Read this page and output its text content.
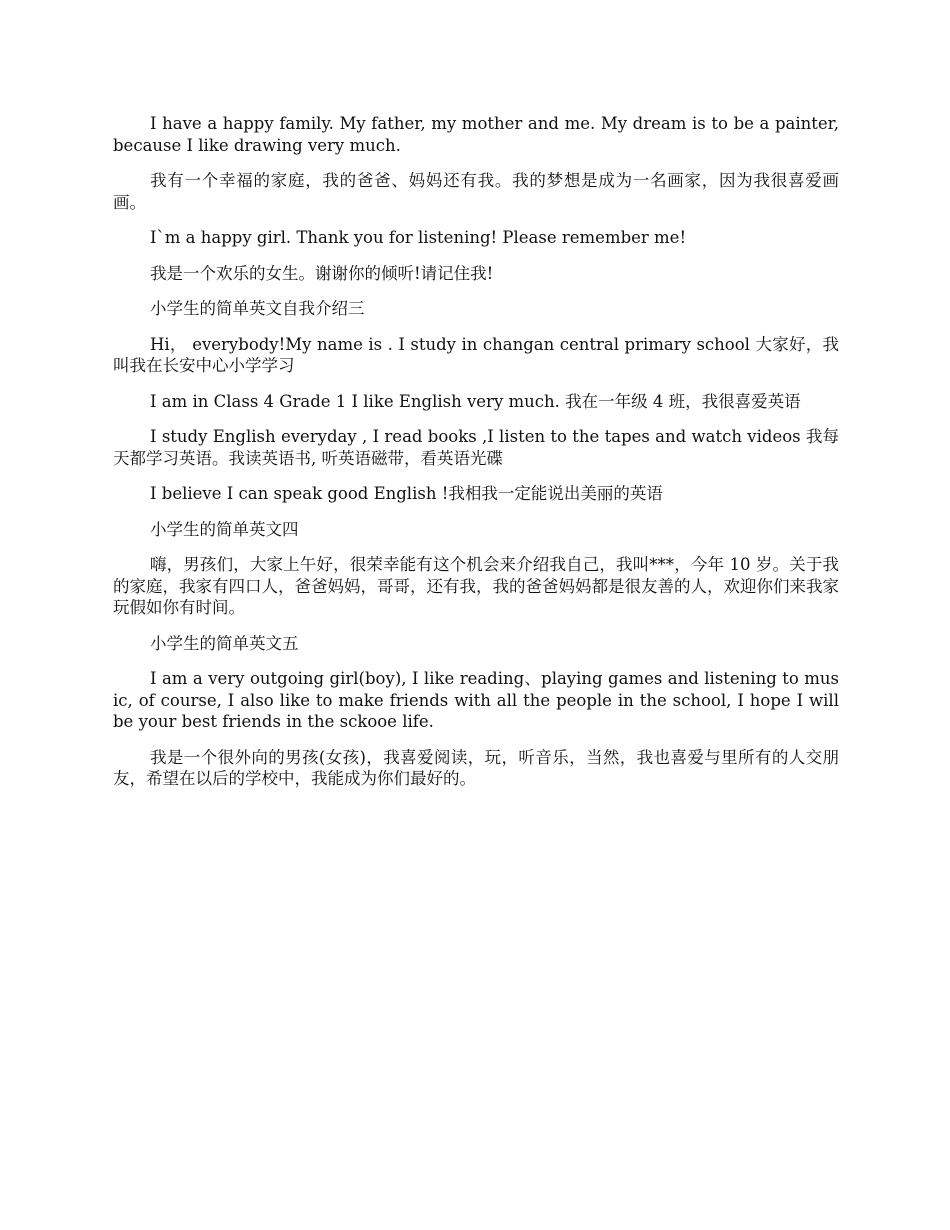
I have a happy family. My father, my mother and me. My dream is to be a painter, because I like drawing very much.

我有一个幸福的家庭，我的爸爸、妈妈还有我。我的梦想是成为一名画家，因为我很喜爱画画。

I`m a happy girl. Thank you for listening! Please remember me!

我是一个欢乐的女生。谢谢你的倾听!请记住我!

小学生的简单英文自我介绍三

Hi， everybody!My name is . I study in changan central primary school 大家好，我叫我在长安中心小学学习

I am in Class 4 Grade 1 I like English very much. 我在一年级 4 班，我很喜爱英语

I study English everyday , I read books ,I listen to the tapes and watch videos 我每天都学习英语。我读英语书, 听英语磁带，看英语光碟

I believe I can speak good English !我相我一定能说出美丽的英语

小学生的简单英文四

嗨，男孩们，大家上午好，很荣幸能有这个机会来介绍我自己，我叫***，今年 10 岁。关于我的家庭，我家有四口人，爸爸妈妈，哥哥，还有我，我的爸爸妈妈都是很友善的人，欢迎你们来我家玩假如你有时间。

小学生的简单英文五

I am a very outgoing girl(boy), I like reading、playing games and listening to music, of course, I also like to make friends with all the people in the school, I hope I will be your best friends in the sckooe life.

我是一个很外向的男孩(女孩)，我喜爱阅读，玩，听音乐，当然，我也喜爱与里所有的人交朋友，希望在以后的学校中，我能成为你们最好的。
